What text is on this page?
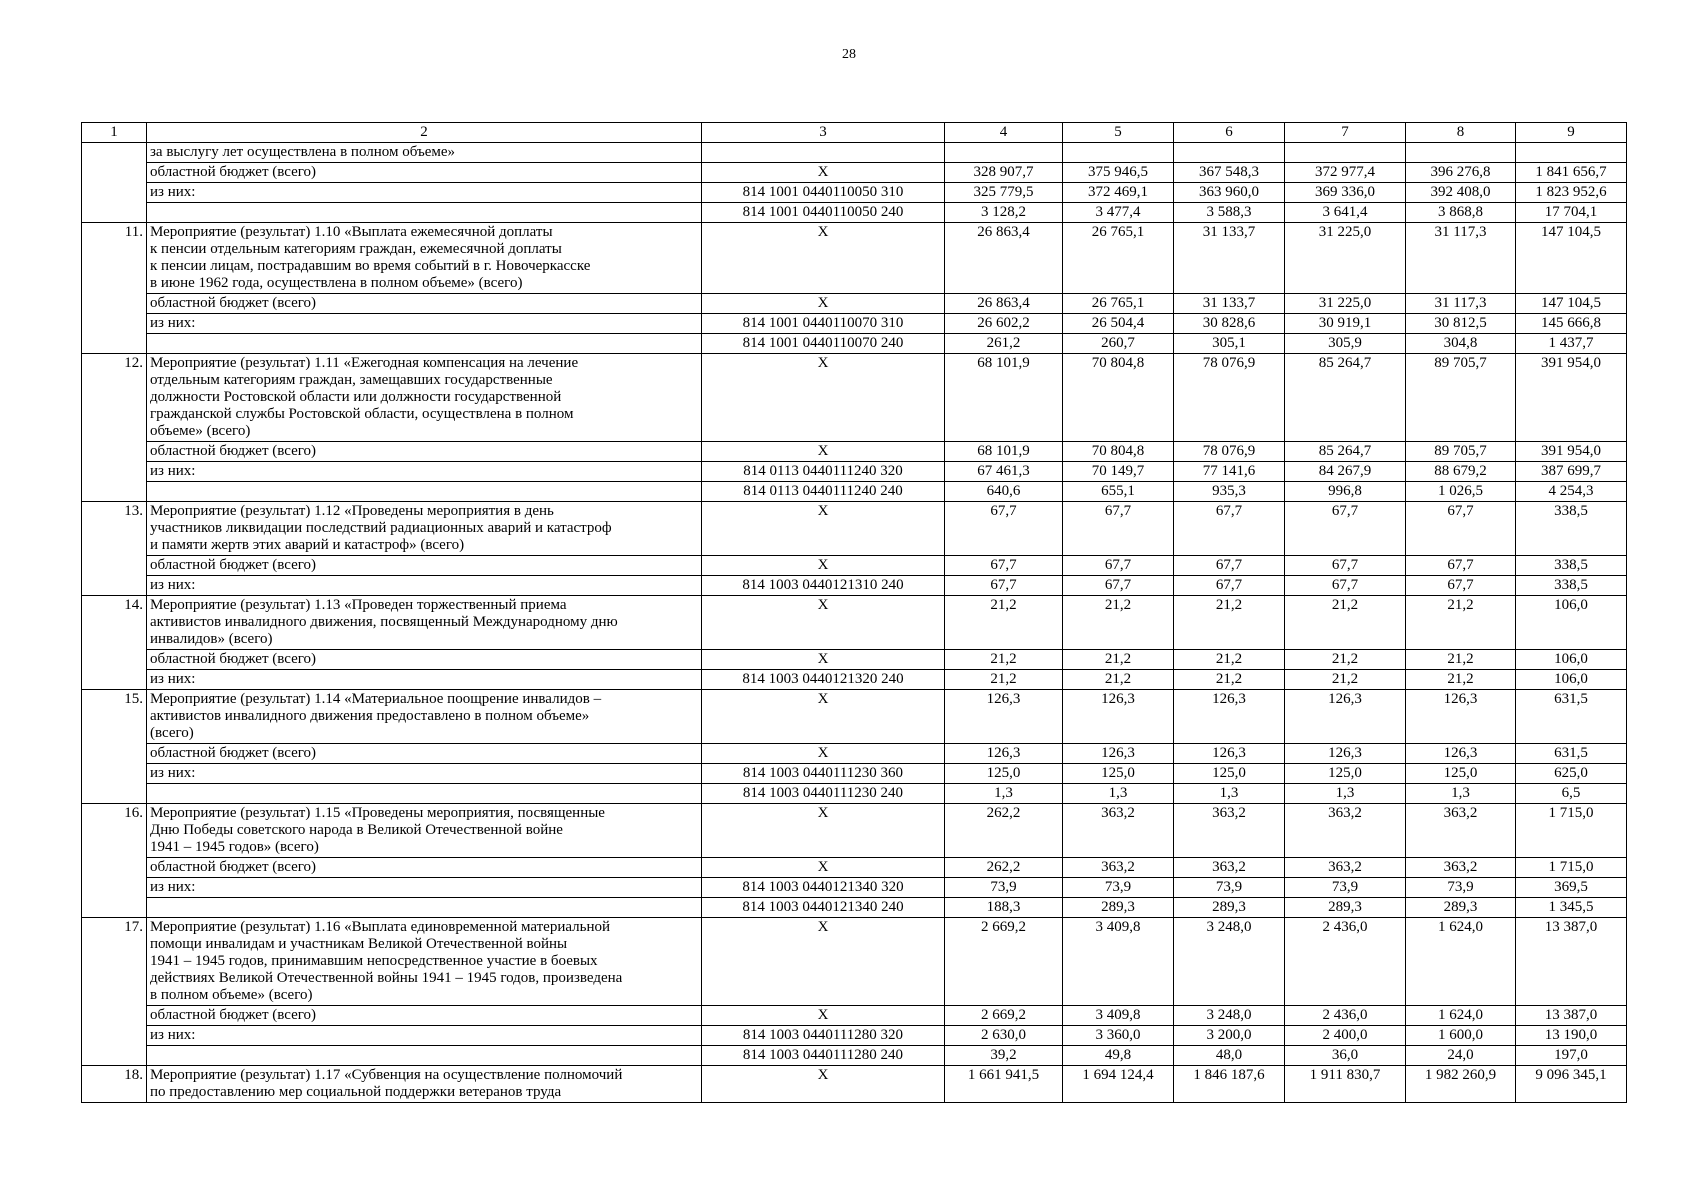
28
1	2	3	4	5	6	7	8	9
	за выслугу лет осуществлена в полном объеме»							
	областной бюджет (всего)	X	328 907,7	375 946,5	367 548,3	372 977,4	396 276,8	1 841 656,7
	из них:	814 1001 0440110050 310	325 779,5	372 469,1	363 960,0	369 336,0	392 408,0	1 823 952,6
		814 1001 0440110050 240	3 128,2	3 477,4	3 588,3	3 641,4	3 868,8	17 704,1
11.	Мероприятие (результат) 1.10 «Выплата ежемесячной доплаты
к пенсии отдельным категориям граждан, ежемесячной доплаты
к пенсии лицам, пострадавшим во время событий в г. Новочеркасске
в июне 1962 года, осуществлена в полном объеме» (всего)	X	26 863,4	26 765,1	31 133,7	31 225,0	31 117,3	147 104,5
	областной бюджет (всего)	X	26 863,4	26 765,1	31 133,7	31 225,0	31 117,3	147 104,5
	из них:	814 1001 0440110070 310	26 602,2	26 504,4	30 828,6	30 919,1	30 812,5	145 666,8
		814 1001 0440110070 240	261,2	260,7	305,1	305,9	304,8	1 437,7
12.	Мероприятие (результат) 1.11 «Ежегодная компенсация на лечение
отдельным категориям граждан, замещавших государственные
должности Ростовской области или должности государственной
гражданской службы Ростовской области, осуществлена в полном
объеме» (всего)	X	68 101,9	70 804,8	78 076,9	85 264,7	89 705,7	391 954,0
	областной бюджет (всего)	X	68 101,9	70 804,8	78 076,9	85 264,7	89 705,7	391 954,0
	из них:	814 0113 0440111240 320	67 461,3	70 149,7	77 141,6	84 267,9	88 679,2	387 699,7
		814 0113 0440111240 240	640,6	655,1	935,3	996,8	1 026,5	4 254,3
13.	Мероприятие (результат) 1.12 «Проведены мероприятия в день
участников ликвидации последствий радиационных аварий и катастроф
и памяти жертв этих аварий и катастроф» (всего)	X	67,7	67,7	67,7	67,7	67,7	338,5
	областной бюджет (всего)	X	67,7	67,7	67,7	67,7	67,7	338,5
	из них:	814 1003 0440121310 240	67,7	67,7	67,7	67,7	67,7	338,5
14.	Мероприятие (результат) 1.13 «Проведен торжественный приема
активистов инвалидного движения, посвященный Международному дню
инвалидов» (всего)	X	21,2	21,2	21,2	21,2	21,2	106,0
	областной бюджет (всего)	X	21,2	21,2	21,2	21,2	21,2	106,0
	из них:	814 1003 0440121320 240	21,2	21,2	21,2	21,2	21,2	106,0
15.	Мероприятие (результат) 1.14 «Материальное поощрение инвалидов –
активистов инвалидного движения предоставлено в полном объеме»
(всего)	X	126,3	126,3	126,3	126,3	126,3	631,5
	областной бюджет (всего)	X	126,3	126,3	126,3	126,3	126,3	631,5
	из них:	814 1003 0440111230 360	125,0	125,0	125,0	125,0	125,0	625,0
		814 1003 0440111230 240	1,3	1,3	1,3	1,3	1,3	6,5
16.	Мероприятие (результат) 1.15 «Проведены мероприятия, посвященные
Дню Победы советского народа в Великой Отечественной войне
1941 – 1945 годов» (всего)	X	262,2	363,2	363,2	363,2	363,2	1 715,0
	областной бюджет (всего)	X	262,2	363,2	363,2	363,2	363,2	1 715,0
	из них:	814 1003 0440121340 320	73,9	73,9	73,9	73,9	73,9	369,5
		814 1003 0440121340 240	188,3	289,3	289,3	289,3	289,3	1 345,5
17.	Мероприятие (результат) 1.16 «Выплата единовременной материальной
помощи инвалидам и участникам Великой Отечественной войны
1941 – 1945 годов, принимавшим непосредственное участие в боевых
действиях Великой Отечественной войны 1941 – 1945 годов, произведена
в полном объеме» (всего)	X	2 669,2	3 409,8	3 248,0	2 436,0	1 624,0	13 387,0
	областной бюджет (всего)	X	2 669,2	3 409,8	3 248,0	2 436,0	1 624,0	13 387,0
	из них:	814 1003 0440111280 320	2 630,0	3 360,0	3 200,0	2 400,0	1 600,0	13 190,0
		814 1003 0440111280 240	39,2	49,8	48,0	36,0	24,0	197,0
18.	Мероприятие (результат) 1.17 «Субвенция на осуществление полномочий
по предоставлению мер социальной поддержки ветеранов труда	X	1 661 941,5	1 694 124,4	1 846 187,6	1 911 830,7	1 982 260,9	9 096 345,1
